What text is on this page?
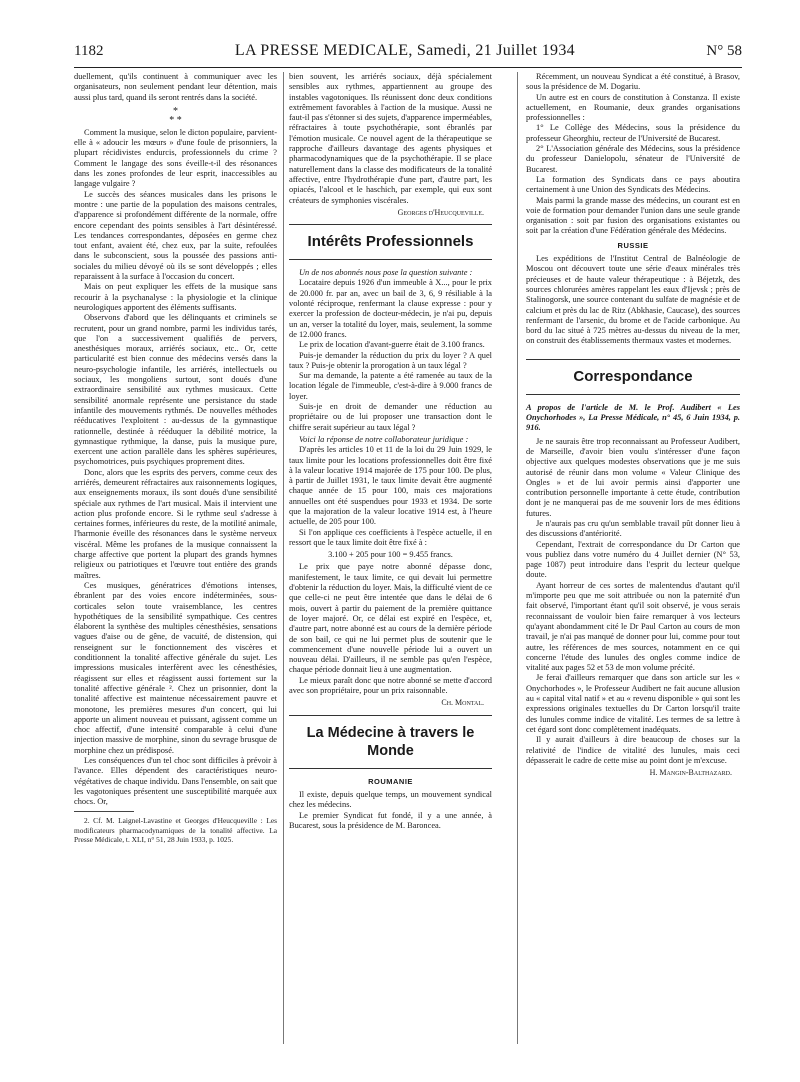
1182	LA PRESSE MEDICALE, Samedi, 21 Juillet 1934	N° 58

duellement, qu'ils continuent à communiquer avec les organisateurs, non seulement pendant leur détention, mais aussi plus tard, quand ils seront rentrés dans la société.

*
* *

Comment la musique, selon le dicton populaire, parvient-elle à « adoucir les mœurs » d'une foule de prisonniers, la plupart récidivistes endurcis, professionnels du crime ? Comment le langage des sons éveille-t-il des résonances dans les zones profondes de leur esprit, inaccessibles au langage vulgaire ?

Le succès des séances musicales dans les prisons le montre : une partie de la population des maisons centrales, d'apparence si profondément différente de la normale, offre encore cependant des points sensibles à l'art désintéressé. Les tendances correspondantes, déposées en germe chez tout enfant, avaient été, chez eux, par la suite, refoulées dans le subconscient, sous la poussée des passions anti-sociales du milieu dévoyé où ils se sont développés ; elles reparaissent à la surface à l'occasion du concert.

Mais on peut expliquer les effets de la musique sans recourir à la psychanalyse : la physiologie et la clinique neurologiques apportent des éléments suffisants.

Observons d'abord que les délinquants et criminels se recrutent, pour un grand nombre, parmi les individus tarés, que l'on a successivement qualifiés de pervers, anesthésiques moraux, arriérés sociaux, etc.. Or, cette particularité est bien connue des médecins versés dans la neuro-psychologie infantile, les arriérés, intellectuels ou sociaux, les mongoliens surtout, sont doués d'une extraordinaire sensibilité aux rythmes musicaux. Cette sensibilité anormale représente une persistance du stade infantile des mouvements rythmés. De nouvelles méthodes rééducatives l'exploitent : au-dessus de la gymnastique rationnelle, destinée à rééduquer la débilité motrice, la gymnastique rythmique, la danse, puis la musique pure, exercent une action parallèle dans les sphères supérieures, psychomotrices, puis psychiques proprement dites.

Donc, alors que les esprits des pervers, comme ceux des arriérés, demeurent réfractaires aux raisonnements logiques, aux enseignements moraux, ils sont doués d'une sensibilité spéciale aux rythmes de l'art musical. Mais il intervient une action plus profonde encore. Si le rythme seul s'adresse à certaines formes, inférieures du reste, de la motilité animale, l'harmonie éveille des résonances dans le système nerveux viscéral. Même les profanes de la musique connaissent la charge affective que portent la plupart des grands hymnes religieux ou patriotiques et l'œuvre tout entière des grands maîtres.

Ces musiques, génératrices d'émotions intenses, ébranlent par des voies encore indéterminées, sous-corticales selon toute vraisemblance, les centres hypothétiques de la sensibilité sympathique. Ces centres élaborent la synthèse des multiples cénesthésies, sensations vagues d'aise ou de gêne, de vacuité, de distension, qui renseignent sur le fonctionnement des viscères et conditionnent la tonalité affective générale du sujet. Les impressions musicales interfèrent avec les cénesthésies, réagissent sur elles et réagissent aussi fortement sur la tonalité affective générale ². Chez un prisonnier, dont la tonalité affective est maintenue nécessairement pauvre et monotone, les premières mesures d'un concert, qui lui apporte un aliment nouveau et puissant, agissent comme un choc affectif, d'une intensité comparable à celui d'une injection massive de morphine, sinon du sevrage brusque de morphine chez un prédisposé.

Les conséquences d'un tel choc sont difficiles à prévoir à l'avance. Elles dépendent des caractéristiques neuro-végétatives de chaque individu. Dans l'ensemble, on sait que les vagotoniques présentent une susceptibilité marquée aux chocs. Or,

2. Cf. M. Laignel-Lavastine et Georges d'Heucqueville : Les modificateurs pharmacodynamiques de la tonalité affective. La Presse Médicale, t. XLI, n° 51, 28 Juin 1933, p. 1025.

bien souvent, les arriérés sociaux, déjà spécialement sensibles aux rythmes, appartiennent au groupe des instables vagotoniques. Ils réunissent donc deux conditions extrêmement favorables à l'action de la musique. Aussi ne faut-il pas s'étonner si des sujets, d'apparence imperméables, réfractaires à toute psychothérapie, sont ébranlés par l'émotion musicale. Ce nouvel agent de la thérapeutique se rapproche d'ailleurs davantage des agents physiques et pharmacodynamiques que de la psychothérapie. Il se place naturellement dans la classe des modificateurs de la tonalité affective, entre l'hydrothérapie d'une part, d'autre part, les opiacés, l'alcool et le haschich, par exemple, qui eux sont créateurs de symphonies viscérales.

Georges d'Heucqueville.
Intérêts Professionnels

Un de nos abonnés nous pose la question suivante :

Locataire depuis 1926 d'un immeuble à X..., pour le prix de 20.000 fr. par an, avec un bail de 3, 6, 9 résiliable à la volonté réciproque, renfermant la clause expresse : pour y exercer la profession de docteur-médecin, je n'ai pu, depuis un an, verser la totalité du loyer, mais, seulement, la somme de 12.000 francs.

Le prix de location d'avant-guerre était de 3.100 francs.

Puis-je demander la réduction du prix du loyer ? A quel taux ? Puis-je obtenir la prorogation à un taux légal ?

Sur ma demande, la patente a été ramenée au taux de la location légale de l'immeuble, c'est-à-dire à 9.000 francs de loyer.

Suis-je en droit de demander une réduction au propriétaire ou de lui proposer une transaction dont le chiffre serait supérieur au taux légal ?

Voici la réponse de notre collaborateur juridique :

D'après les articles 10 et 11 de la loi du 29 Juin 1929, le taux limite pour les locations professionnelles doit être fixé à la valeur locative 1914 majorée de 175 pour 100. De plus, à partir de Juillet 1931, le taux limite devait être augmenté chaque année de 15 pour 100, mais ces majorations annuelles ont été suspendues pour 1933 et 1934. De sorte que la majoration de la valeur locative 1914 est, à l'heure actuelle, de 205 pour 100.

Si l'on applique ces coefficients à l'espèce actuelle, il en ressort que le taux limite doit être fixé à :

3.100 + 205 pour 100 = 9.455 francs.

Le prix que paye notre abonné dépasse donc, manifestement, le taux limite, ce qui devait lui permettre d'obtenir la réduction du loyer. Mais, la difficulté vient de ce que celle-ci ne peut être intentée que dans le délai de 6 mois, ouvert à partir du paiement de la première quittance de loyer majoré. Or, ce délai est expiré en l'espèce, et, d'autre part, notre abonné est au cours de la dernière période de son bail, ce qui ne lui permet plus de soutenir que le commencement d'une nouvelle période lui a ouvert un nouveau délai. D'ailleurs, il ne semble pas qu'en l'espèce, chaque période donnait lieu à une augmentation.

Le mieux paraît donc que notre abonné se mette d'accord avec son propriétaire, pour un prix raisonnable.

Ch. Montal.
La Médecine à travers le Monde
ROUMANIE

Il existe, depuis quelque temps, un mouvement syndical chez les médecins.

Le premier Syndicat fut fondé, il y a une année, à Bucarest, sous la présidence de M. Baroncea.

Récemment, un nouveau Syndicat a été constitué, à Brasov, sous la présidence de M. Dogariu.

Un autre est en cours de constitution à Constanza. Il existe actuellement, en Roumanie, deux grandes organisations professionnelles :

1° Le Collège des Médecins, sous la présidence du professeur Gheorghiu, recteur de l'Université de Bucarest.

2° L'Association générale des Médecins, sous la présidence du professeur Danielopolu, sénateur de l'Université de Bucarest.

La formation des Syndicats dans ce pays aboutira certainement à une Union des Syndicats des Médecins.

Mais parmi la grande masse des médecins, un courant est en voie de formation pour demander l'union dans une seule grande organisation : soit par fusion des organisations existantes ou soit par la création d'une Fédération générale des Médecins.

RUSSIE

Les expéditions de l'Institut Central de Balnéologie de Moscou ont découvert toute une série d'eaux minérales très précieuses et de haute valeur thérapeutique : à Béjetzk, des sources chlorurées amères rappelant les eaux d'Ijevsk ; près de Stalinogorsk, une source contenant du sulfate de magnésie et de calcium et près du lac de Ritz (Abkhasie, Caucase), des sources renfermant de l'arsenic, du brome et de l'acide carbonique. Au bord du lac situé à 725 mètres au-dessus du niveau de la mer, on construit des établissements thermaux vastes et modernes.

Correspondance

A propos de l'article de M. le Prof. Audibert « Les Onychorhodes », La Presse Médicale, n° 45, 6 Juin 1934, p. 916.

Je ne saurais être trop reconnaissant au Professeur Audibert, de Marseille, d'avoir bien voulu s'intéresser d'une façon objective aux quelques modestes observations que je me suis autorisé de réunir dans mon volume « Valeur Clinique des Ongles » et de lui avoir permis ainsi d'apporter une contribution personnelle importante à cette étude, contribution dont je ne manquerai pas de me souvenir lors de mes éditions futures.

Je n'aurais pas cru qu'un semblable travail pût donner lieu à des discussions d'antériorité.

Cependant, l'extrait de correspondance du Dr Carton que vous publiez dans votre numéro du 4 Juillet dernier (N° 53, page 1087) peut introduire dans l'esprit du lecteur quelque doute.

Ayant horreur de ces sortes de malentendus d'autant qu'il m'importe peu que me soit attribuée ou non la paternité d'un fait observé, l'important étant qu'il soit observé, je vous serais reconnaissant de vouloir bien faire remarquer à vos lecteurs qu'ayant abondamment cité le Dr Paul Carton au cours de mon travail, je n'ai pas manqué de donner pour lui, comme pour tout autre, les références de mes sources, notamment en ce qui concerne l'étude des lunules des ongles comme indice de vitalité aux pages 52 et 53 de mon volume précité.

Je ferai d'ailleurs remarquer que dans son article sur les « Onychorhodes », le Professeur Audibert ne fait aucune allusion au « capital vital natif » et au « revenu disponible » qui sont les expressions originales textuelles du Dr Carton lorsqu'il traite des lunules comme indice de vitalité. Les termes de sa lettre à cet égard sont donc complètement inadéquats.

Il y aurait d'ailleurs à dire beaucoup de choses sur la relativité de l'indice de vitalité des lunules, mais ceci dépasserait le cadre de cette mise au point dont je m'excuse.

H. Mangin-Balthazard.
